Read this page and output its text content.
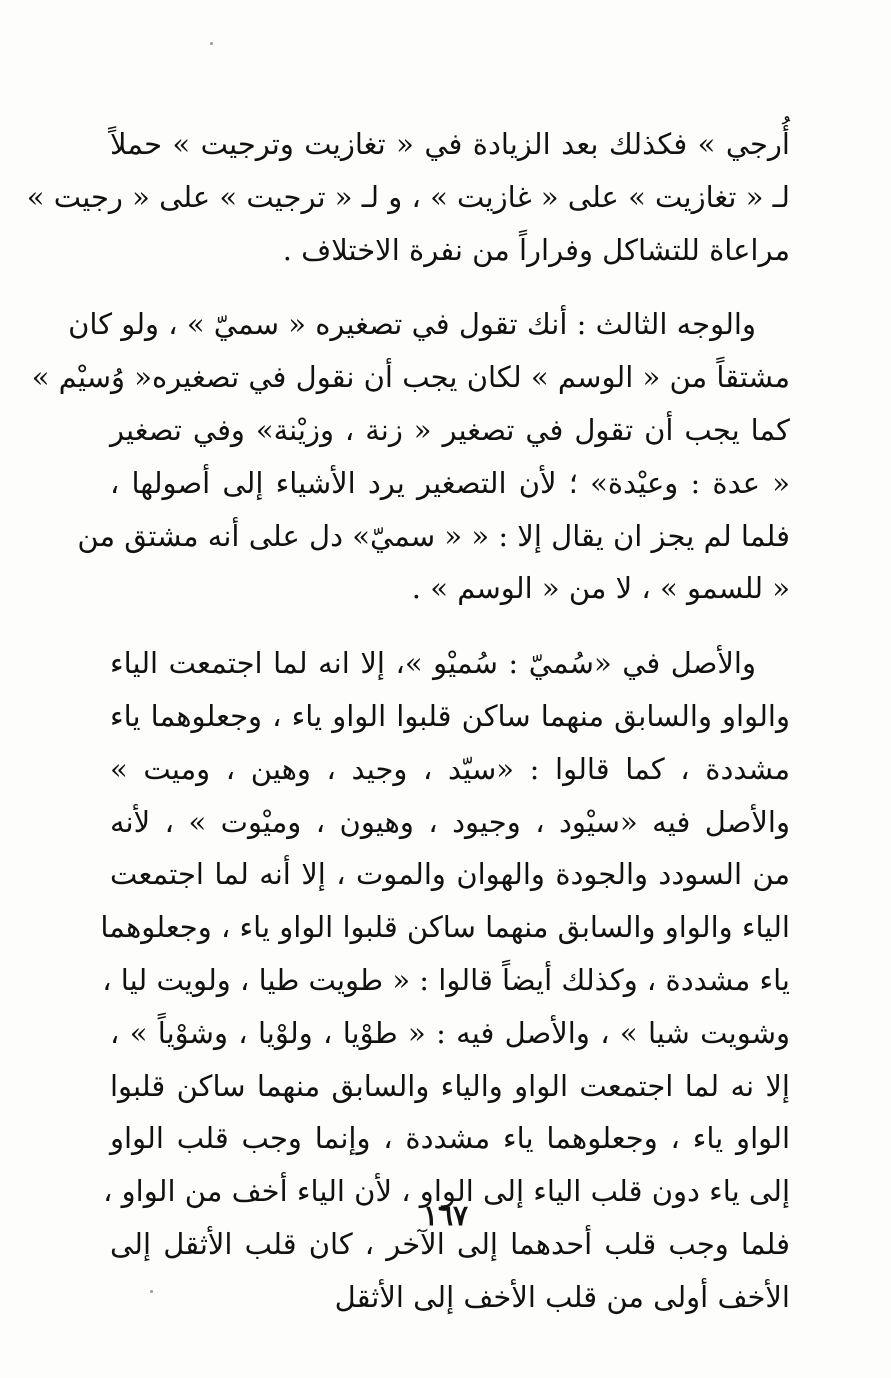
أُرجي » فكذلك بعد الزيادة في « تغازيت وترجيت » حملاً
لـ « تغازيت » على « غازيت » ، و لـ « ترجيت » على « رجيت »
مراعاة للتشاكل وفراراً من نفرة الاختلاف .
والوجه الثالث : أنك تقول في تصغيره « سميّ » ، ولو كان
مشتقاً من « الوسم » لكان يجب أن نقول في تصغيره« وُسيْم »
كما يجب أن تقول في تصغير « زنة ، وزيْنة» وفي تصغير
« عدة : وعيْدة» ؛ لأن التصغير يرد الأشياء إلى أصولها ،
فلما لم يجز ان يقال إلا : « « سميّ» دل على أنه مشتق من
« للسمو » ، لا من « الوسم » .
والأصل في «سُميّ : سُميْو »، إلا انه لما اجتمعت الياء
والواو والسابق منهما ساكن قلبوا الواو ياء ، وجعلوهما ياء
مشددة ، كما قالوا : «سيّد ، وجيد ، وهين ، وميت »
والأصل فيه «سيْود ، وجيود ، وهيون ، وميْوت » ، لأنه
من السودد والجودة والهوان والموت ، إلا أنه لما اجتمعت
الياء والواو والسابق منهما ساكن قلبوا الواو ياء ، وجعلوهما
ياء مشددة ، وكذلك أيضاً قالوا : « طويت طيا ، ولويت ليا ،
وشويت شيا » ، والأصل فيه : « طوْيا ، ولوْيا ، وشوْياً » ،
إلا نه لما اجتمعت الواو والياء والسابق منهما ساكن قلبوا
الواو ياء ، وجعلوهما ياء مشددة ، وإنما وجب قلب الواو
إلى ياء دون قلب الياء إلى الواو ، لأن الياء أخف من الواو ،
فلما وجب قلب أحدهما إلى الآخر ، كان قلب الأثقل إلى
الأخف أولى من قلب الأخف إلى الأثقل
١٦٧
